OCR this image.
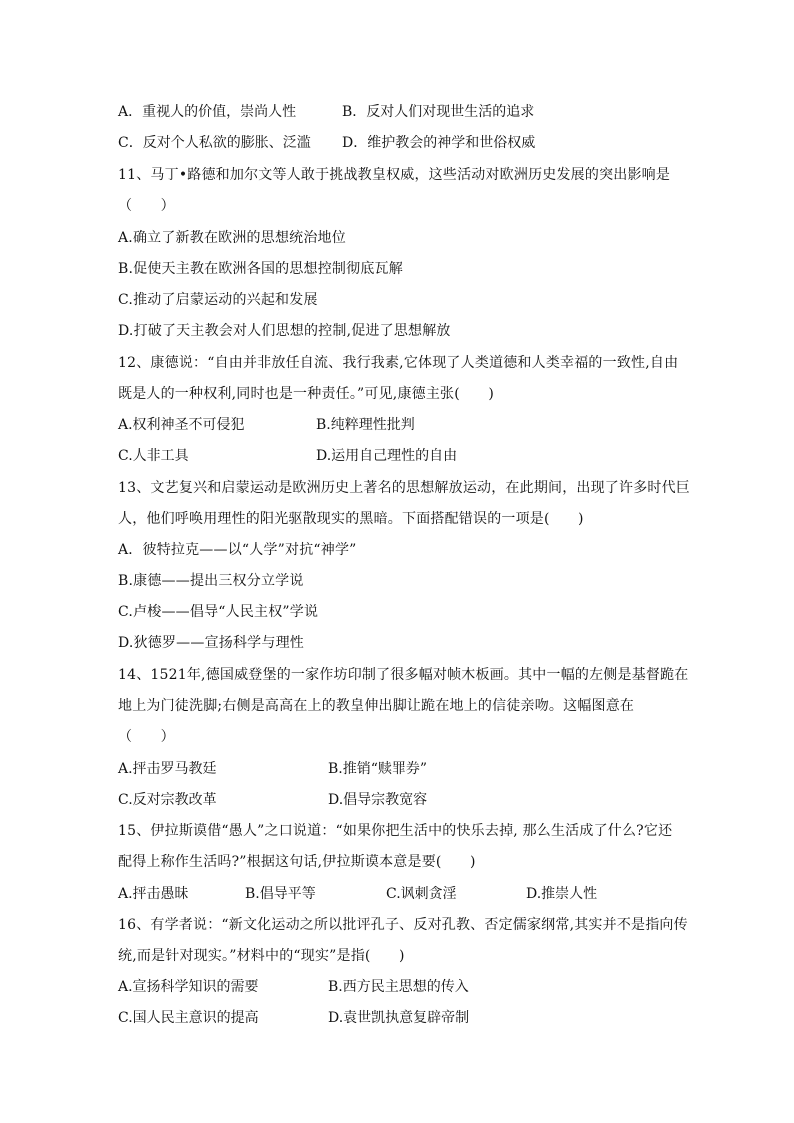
A．重视人的价值，崇尚人性	B．反对人们对现世生活的追求
C．反对个人私欲的膨胀、泛滥 D．维护教会的神学和世俗权威
11、马丁•路德和加尔文等人敢于挑战教皇权威，这些活动对欧洲历史发展的突出影响是
（　　）
A.确立了新教在欧洲的思想统治地位
B.促使天主教在欧洲各国的思想控制彻底瓦解
C.推动了启蒙运动的兴起和发展
D.打破了天主教会对人们思想的控制,促进了思想解放
12、康德说：“自由并非放任自流、我行我素,它体现了人类道德和人类幸福的一致性,自由
既是人的一种权利,同时也是一种责任。”可见,康德主张(　　)
A.权利神圣不可侵犯	B.纯粹理性批判
C.人非工具	D.运用自己理性的自由
13、文艺复兴和启蒙运动是欧洲历史上著名的思想解放运动，在此期间，出现了许多时代巨
人，他们呼唤用理性的阳光驱散现实的黑暗。下面搭配错误的一项是(　　)
A．彼特拉克——以“人学”对抗“神学”
B.康德——提出三权分立学说
C.卢梭——倡导“人民主权”学说
D.狄德罗——宣扬科学与理性
14、1521年,德国威登堡的一家作坊印制了很多幅对帧木板画。其中一幅的左侧是基督跪在
地上为门徒洗脚;右侧是高高在上的教皇伸出脚让跪在地上的信徒亲吻。这幅图意在
（　　）
A.抨击罗马教廷	B.推销“赎罪券”
C.反对宗教改革	D.倡导宗教宽容
15、伊拉斯谟借“愚人”之口说道：“如果你把生活中的快乐去掉, 那么生活成了什么?它还
配得上称作生活吗?”根据这句话,伊拉斯谟本意是要(　　)
A.抨击愚昧	B.倡导平等	C.讽刺贪淫	D.推崇人性
16、有学者说：“新文化运动之所以批评孔子、反对孔教、否定儒家纲常,其实并不是指向传
统,而是针对现实。”材料中的“现实”是指(　　)
A.宣扬科学知识的需要	B.西方民主思想的传入
C.国人民主意识的提高	D.袁世凯执意复辟帝制
